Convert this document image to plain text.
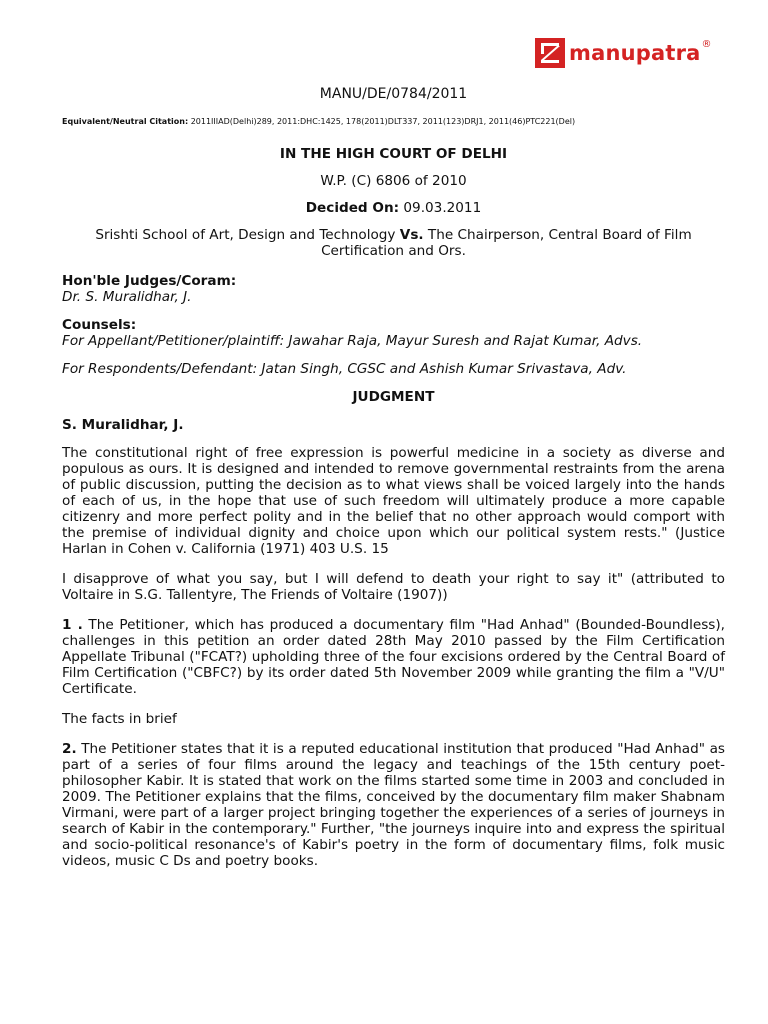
manupatra ®

MANU/DE/0784/2011

Equivalent/Neutral Citation: 2011IIIAD(Delhi)289, 2011:DHC:1425, 178(2011)DLT337, 2011(123)DRJ1, 2011(46)PTC221(Del)

IN THE HIGH COURT OF DELHI

W.P. (C) 6806 of 2010

Decided On: 09.03.2011

Srishti School of Art, Design and Technology Vs. The Chairperson, Central Board of Film Certification and Ors.

Hon'ble Judges/Coram:

Dr. S. Muralidhar, J.

Counsels:

For Appellant/Petitioner/plaintiff: Jawahar Raja, Mayur Suresh and Rajat Kumar, Advs.

For Respondents/Defendant: Jatan Singh, CGSC and Ashish Kumar Srivastava, Adv.

JUDGMENT

S. Muralidhar, J.

The constitutional right of free expression is powerful medicine in a society as diverse and populous as ours. It is designed and intended to remove governmental restraints from the arena of public discussion, putting the decision as to what views shall be voiced largely into the hands of each of us, in the hope that use of such freedom will ultimately produce a more capable citizenry and more perfect polity and in the belief that no other approach would comport with the premise of individual dignity and choice upon which our political system rests." (Justice Harlan in Cohen v. California (1971) 403 U.S. 15

I disapprove of what you say, but I will defend to death your right to say it" (attributed to Voltaire in S.G. Tallentyre, The Friends of Voltaire (1907))

1 . The Petitioner, which has produced a documentary film "Had Anhad" (Bounded-Boundless), challenges in this petition an order dated 28th May 2010 passed by the Film Certification Appellate Tribunal ("FCAT?) upholding three of the four excisions ordered by the Central Board of Film Certification ("CBFC?) by its order dated 5th November 2009 while granting the film a "V/U" Certificate.

The facts in brief

2. The Petitioner states that it is a reputed educational institution that produced "Had Anhad" as part of a series of four films around the legacy and teachings of the 15th century poet-philosopher Kabir. It is stated that work on the films started some time in 2003 and concluded in 2009. The Petitioner explains that the films, conceived by the documentary film maker Shabnam Virmani, were part of a larger project bringing together the experiences of a series of journeys in search of Kabir in the contemporary." Further, "the journeys inquire into and express the spiritual and socio-political resonance's of Kabir's poetry in the form of documentary films, folk music videos, music C Ds and poetry books.
